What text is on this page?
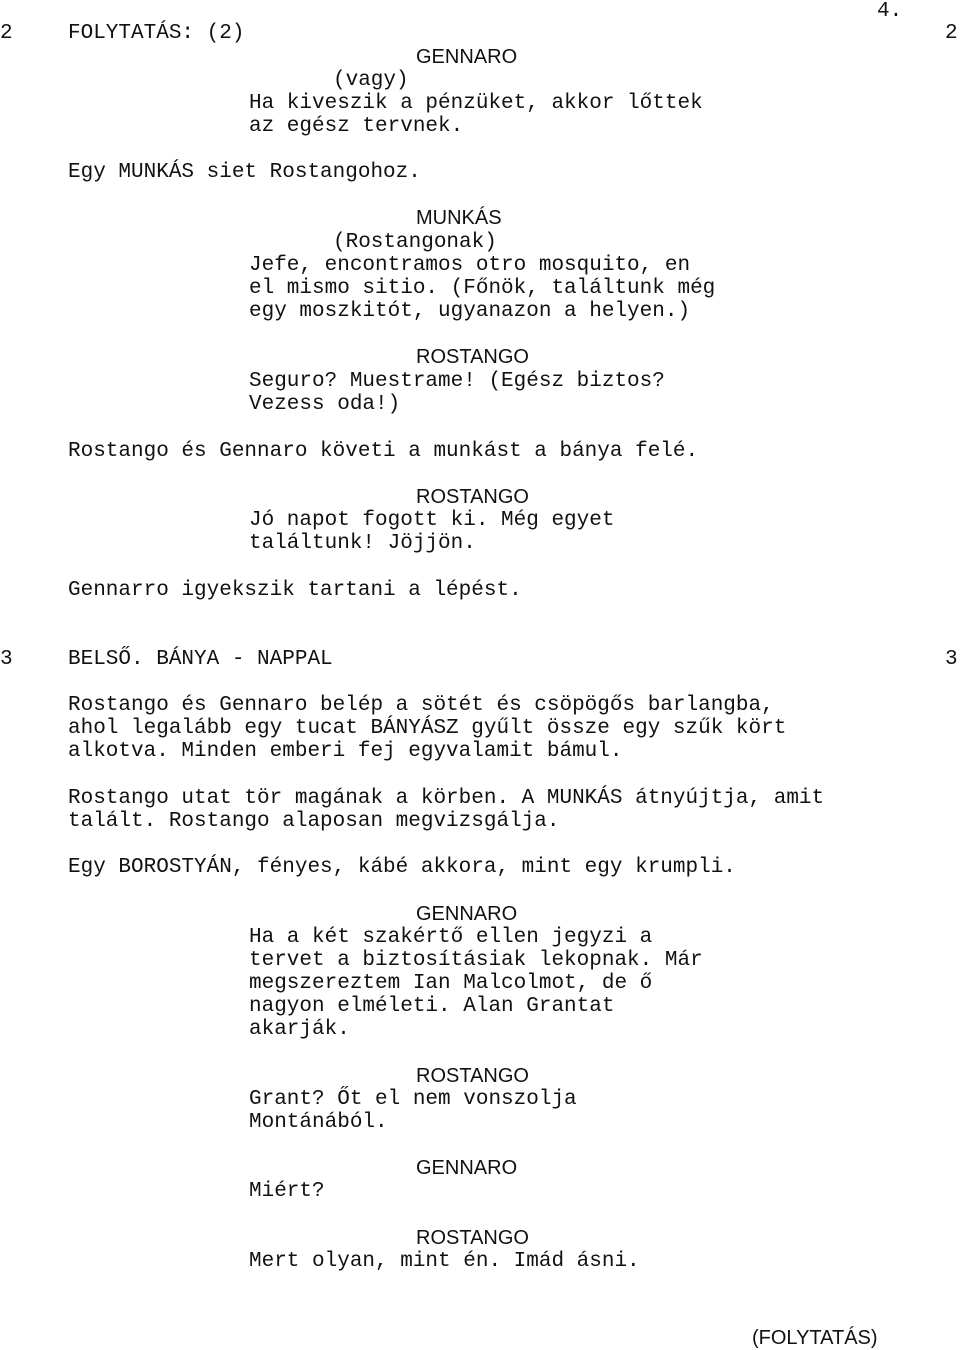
4.
2	FOLYTATÁS: (2)	2
GENNARO
(vagy)
Ha kiveszik a pénzüket, akkor lőttek
az egész tervnek.
Egy MUNKÁS siet Rostangohoz.
MUNKÁS
(Rostangonak)
Jefe, encontramos otro mosquito, en
el mismo sitio. (Főnök, találtunk még
egy moszkitót, ugyanazon a helyen.)
ROSTANGO
Seguro? Muestrame! (Egész biztos?
Vezess oda!)
Rostango és Gennaro követi a munkást a bánya felé.
ROSTANGO
Jó napot fogott ki. Még egyet
találtunk! Jöjjön.
Gennarro igyekszik tartani a lépést.
3	BELSŐ. BÁNYA - NAPPAL	3
Rostango és Gennaro belép a sötét és csöpögős barlangba,
ahol legalább egy tucat BÁNYÁSZ gyűlt össze egy szűk kört
alkotva. Minden emberi fej egyvalamit bámul.
Rostango utat tör magának a körben. A MUNKÁS átnyújtja, amit
talált. Rostango alaposan megvizsgálja.
Egy BOROSTYÁN, fényes, kábé akkora, mint egy krumpli.
GENNARO
Ha a két szakértő ellen jegyzi a
tervet a biztosításiak lekopnak. Már
megszereztem Ian Malcolmot, de ő
nagyon elméleti. Alan Grantat
akarják.
ROSTANGO
Grant? Őt el nem vonszolja
Montánából.
GENNARO
Miért?
ROSTANGO
Mert olyan, mint én. Imád ásni.
(FOLYTATÁS)
